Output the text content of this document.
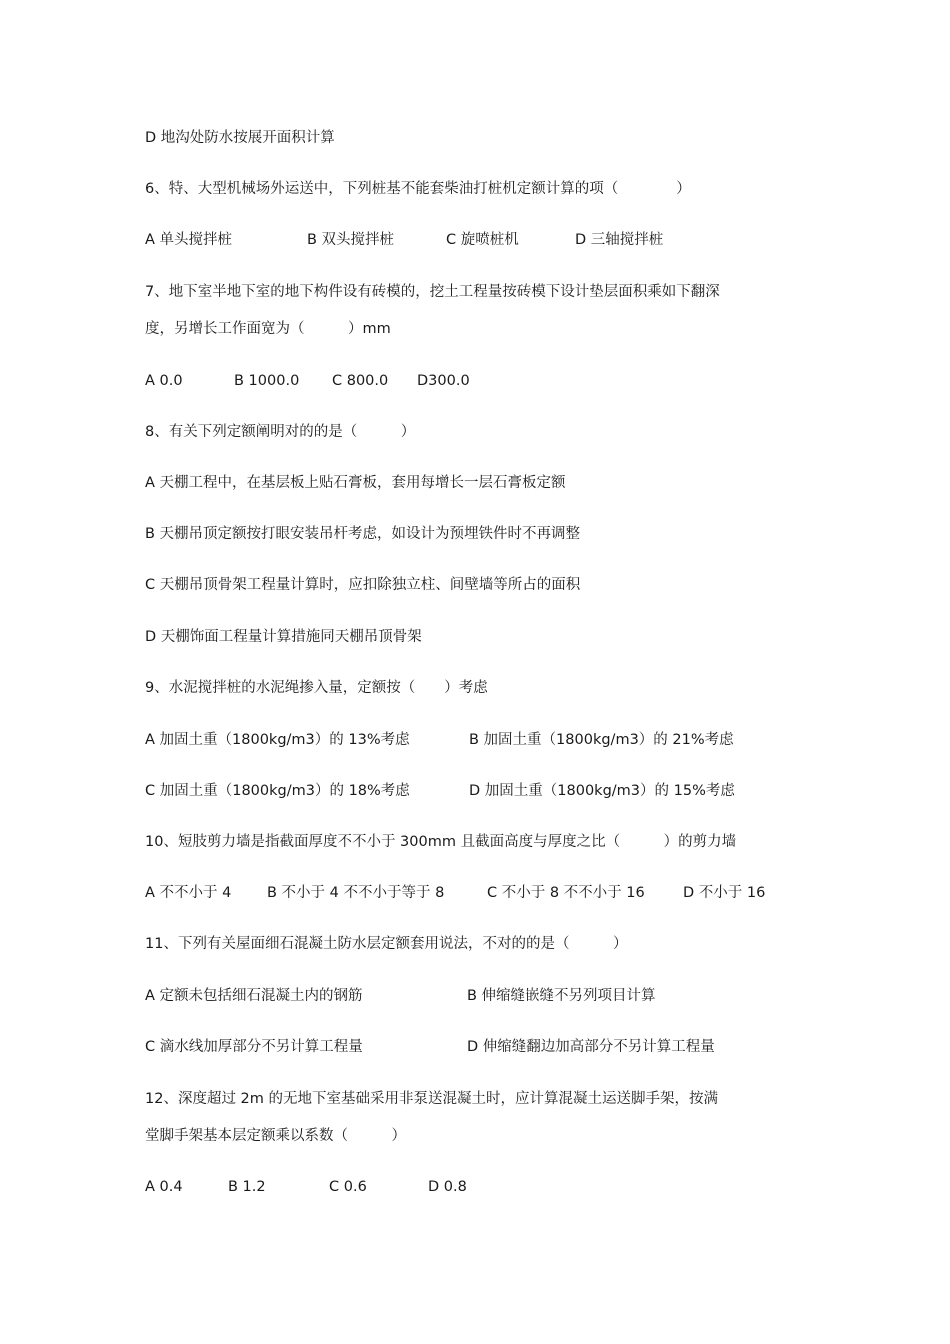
D 地沟处防水按展开面积计算
6、特、大型机械场外运送中，下列桩基不能套柴油打桩机定额计算的项（　　　　）
A 单头搅拌桩	B 双头搅拌桩	C 旋喷桩机	D 三轴搅拌桩
7、地下室半地下室的地下构件设有砖模的，挖土工程量按砖模下设计垫层面积乘如下翻深
度，另增长工作面宽为（　　　）mm
A 0.0	B 1000.0 C 800.0 D300.0
8、有关下列定额阐明对的的是（　　　）
A 天棚工程中，在基层板上贴石膏板，套用每增长一层石膏板定额
B 天棚吊顶定额按打眼安装吊杆考虑，如设计为预埋铁件时不再调整
C 天棚吊顶骨架工程量计算时，应扣除独立柱、间壁墙等所占的面积
D 天棚饰面工程量计算措施同天棚吊顶骨架
9、水泥搅拌桩的水泥绳掺入量，定额按（　　）考虑
A 加固土重（1800kg/m3）的 13%考虑	B 加固土重（1800kg/m3）的 21%考虑
C 加固土重（1800kg/m3）的 18%考虑	D 加固土重（1800kg/m3）的 15%考虑
10、短肢剪力墙是指截面厚度不不小于 300mm 且截面高度与厚度之比（　　　）的剪力墙
A 不不小于 4 B 不小于 4 不不小于等于 8	C 不小于 8 不不小于 16	D 不小于 16
11、下列有关屋面细石混凝土防水层定额套用说法，不对的的是（　　　）
A 定额未包括细石混凝土内的钢筋	B 伸缩缝嵌缝不另列项目计算
C 滴水线加厚部分不另计算工程量	D 伸缩缝翻边加高部分不另计算工程量
12、深度超过 2m 的无地下室基础采用非泵送混凝土时，应计算混凝土运送脚手架，按满
堂脚手架基本层定额乘以系数（　　　）
A 0.4	B 1.2	C 0.6	D 0.8
